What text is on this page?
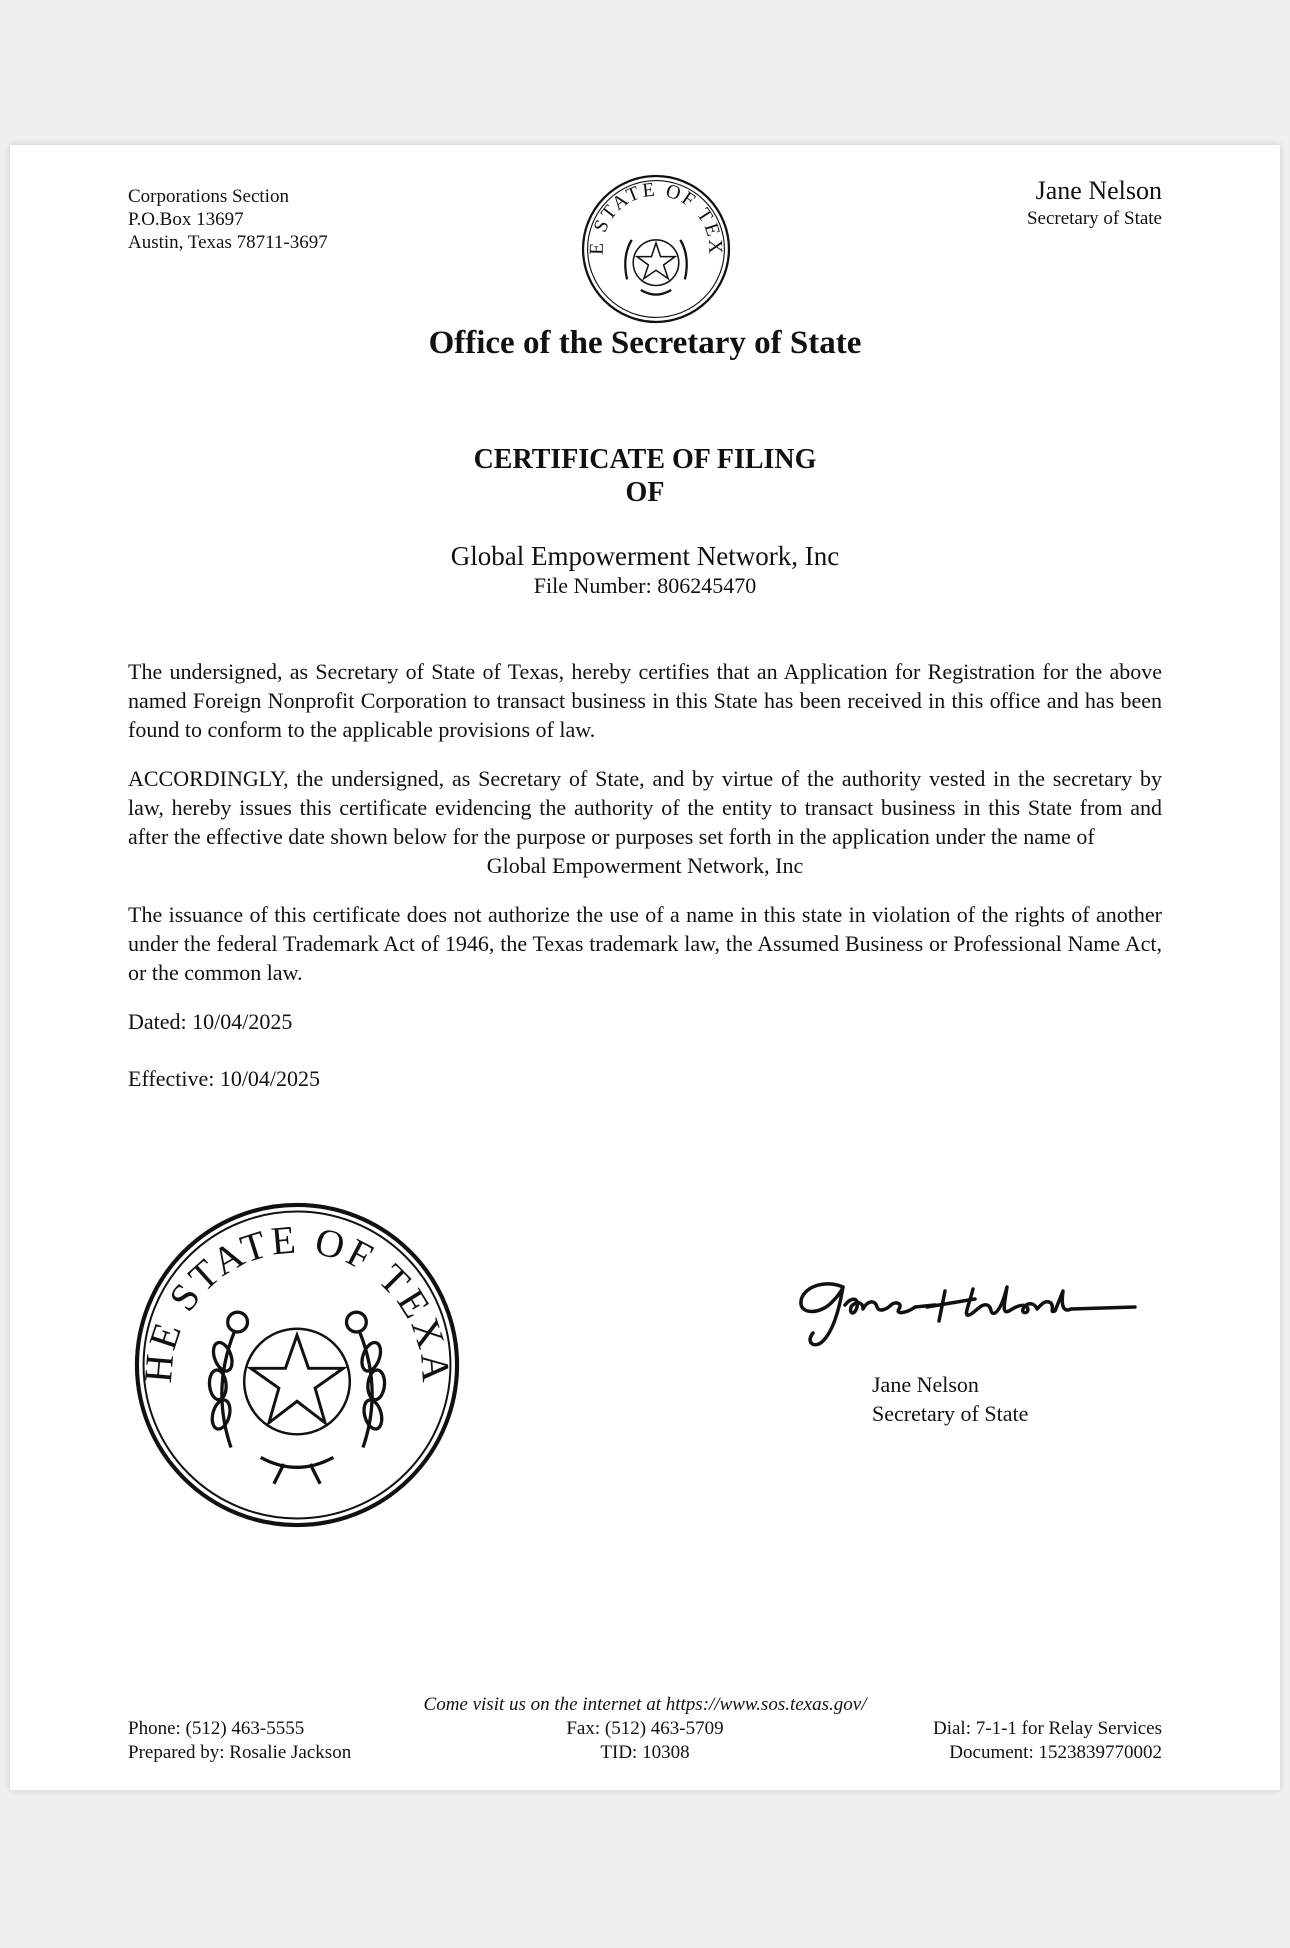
Corporations Section
P.O.Box 13697
Austin, Texas 78711-3697	E STATE OF TEX
Jane Nelson
Secretary of State
Office of the Secretary of State
CERTIFICATE OF FILING
OF
Global Empowerment Network, Inc
File Number: 806245470

The undersigned, as Secretary of State of Texas, hereby certifies that an Application for Registration for the above named Foreign Nonprofit Corporation to transact business in this State has been received in this office and has been found to conform to the applicable provisions of law.

ACCORDINGLY, the undersigned, as Secretary of State, and by virtue of the authority vested in the secretary by law, hereby issues this certificate evidencing the authority of the entity to transact business in this State from and after the effective date shown below for the purpose or purposes set forth in the application under the name of

Global Empowerment Network, Inc

The issuance of this certificate does not authorize the use of a name in this state in violation of the rights of another under the federal Trademark Act of 1946, the Texas trademark law, the Assumed Business or Professional Name Act, or the common law.

Dated: 10/04/2025
Effective: 10/04/2025
HE STATE OF TEXA	Jane Nelson
Jane Nelson
Secretary of State
Come visit us on the internet at https://www.sos.texas.gov/
Phone: (512) 463-5555	Fax: (512) 463-5709	Dial: 7-1-1 for Relay Services
Prepared by: Rosalie Jackson	TID: 10308	Document: 1523839770002
